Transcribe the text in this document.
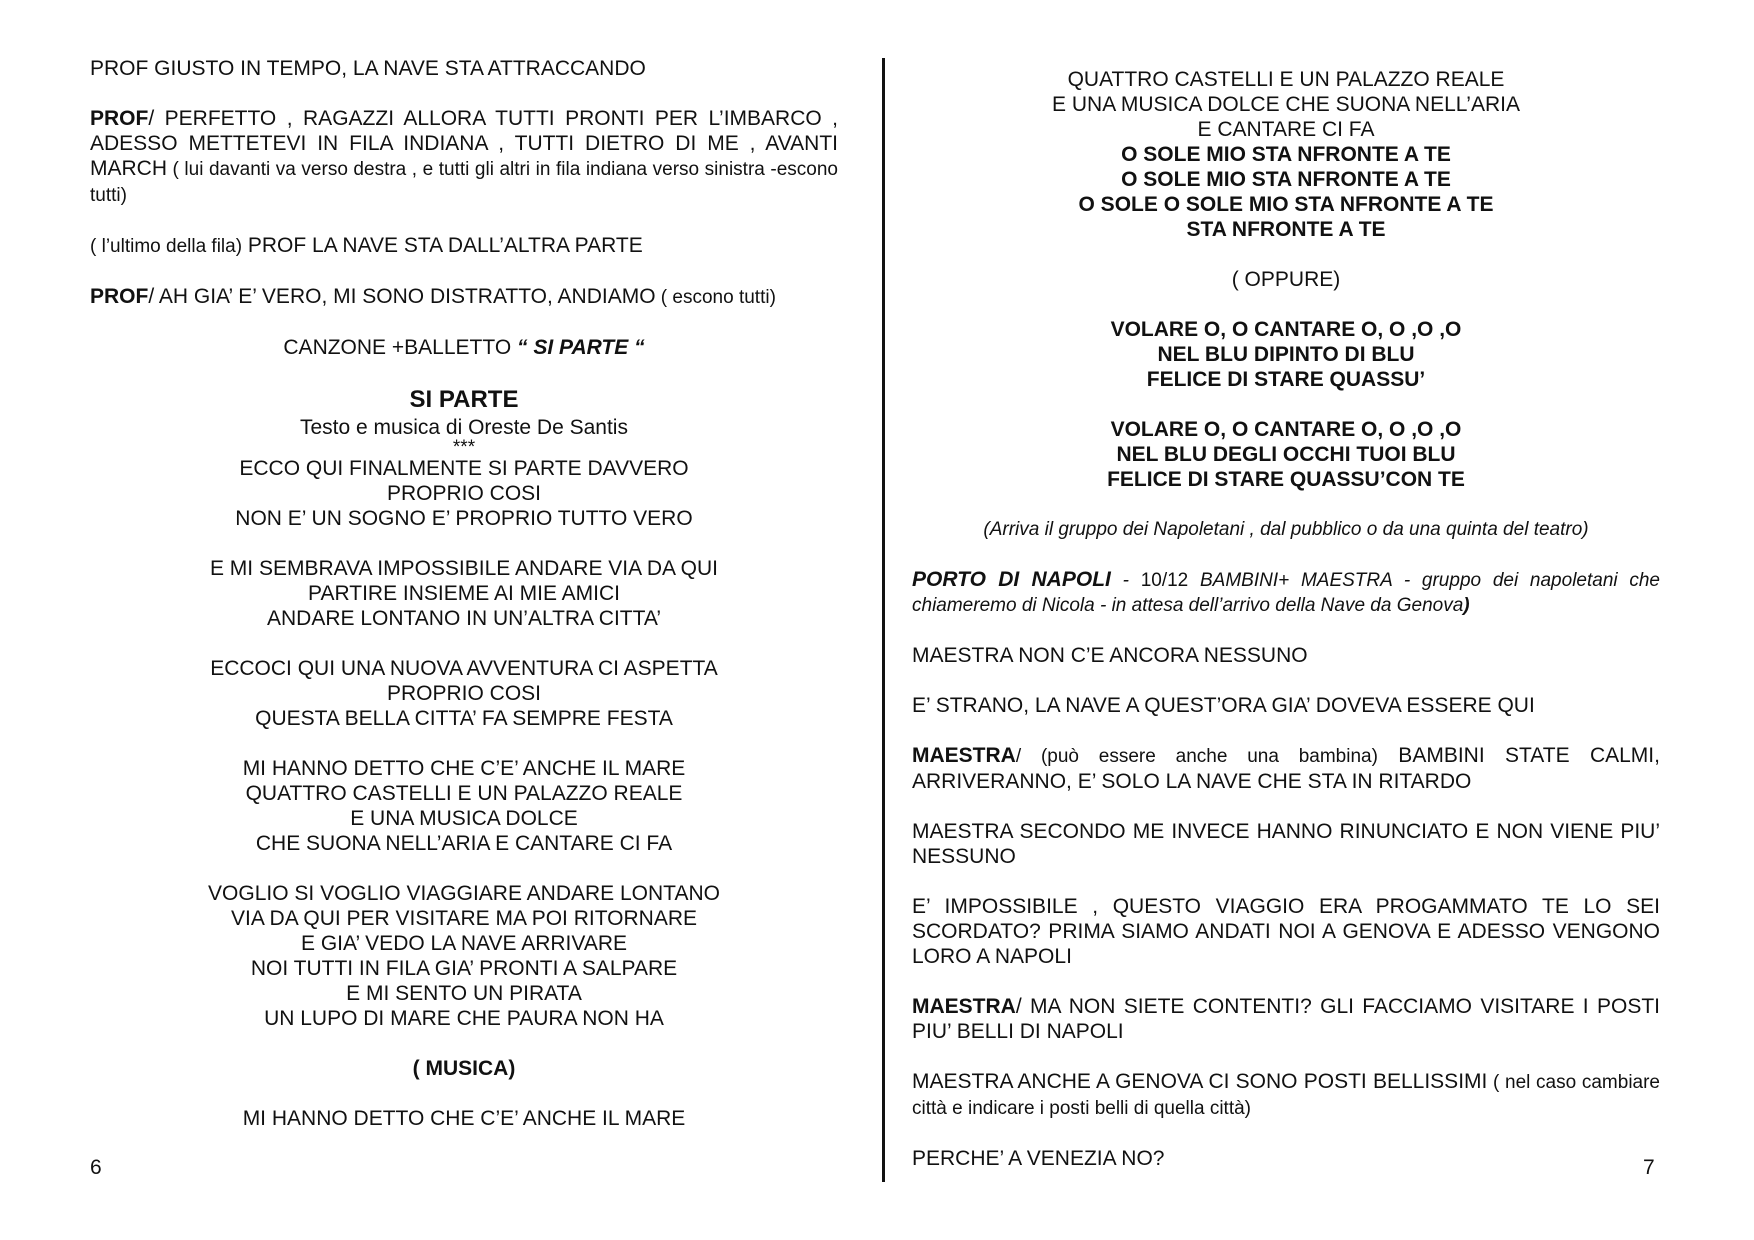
PROF GIUSTO IN TEMPO, LA NAVE STA ATTRACCANDO

PROF/ PERFETTO , RAGAZZI ALLORA TUTTI PRONTI PER L’IMBARCO , ADESSO METTETEVI IN FILA INDIANA , TUTTI DIETRO DI ME , AVANTI MARCH ( lui davanti va verso destra , e tutti gli altri in fila indiana verso sinistra -escono tutti)

( l’ultimo della fila) PROF LA NAVE STA DALL’ALTRA PARTE

PROF/ AH GIA’ E’ VERO, MI SONO DISTRATTO, ANDIAMO ( escono tutti)

CANZONE +BALLETTO “ SI PARTE “

SI PARTE

Testo e musica di Oreste De Santis

***

ECCO QUI FINALMENTE SI PARTE DAVVERO
PROPRIO COSI
NON E’ UN SOGNO E’ PROPRIO TUTTO VERO
E MI SEMBRAVA IMPOSSIBILE ANDARE VIA DA QUI
PARTIRE INSIEME AI MIE AMICI
ANDARE LONTANO IN UN’ALTRA CITTA’
ECCOCI QUI UNA NUOVA AVVENTURA CI ASPETTA
PROPRIO COSI
QUESTA BELLA CITTA’ FA SEMPRE FESTA
MI HANNO DETTO CHE C’E’ ANCHE IL MARE
QUATTRO CASTELLI E UN PALAZZO REALE
E UNA MUSICA DOLCE
CHE SUONA NELL’ARIA E CANTARE CI FA
VOGLIO SI VOGLIO VIAGGIARE ANDARE LONTANO
VIA DA QUI PER VISITARE MA POI RITORNARE
E GIA’ VEDO LA NAVE ARRIVARE
NOI TUTTI IN FILA GIA’ PRONTI A SALPARE
E MI SENTO UN PIRATA
UN LUPO DI MARE CHE PAURA NON HA

( MUSICA)

MI HANNO DETTO CHE C’E’ ANCHE IL MARE

6
QUATTRO CASTELLI E UN PALAZZO REALE
E UNA MUSICA DOLCE CHE SUONA NELL’ARIA
E CANTARE CI FA
O SOLE MIO STA NFRONTE A TE
O SOLE MIO STA NFRONTE A TE
O SOLE O SOLE MIO STA NFRONTE A TE
STA NFRONTE A TE

( OPPURE)

VOLARE O, O CANTARE O, O ,O ,O
NEL BLU DIPINTO DI BLU
FELICE DI STARE QUASSU’
VOLARE O, O CANTARE O, O ,O ,O
NEL BLU DEGLI OCCHI TUOI BLU
FELICE DI STARE QUASSU’CON TE

(Arriva il gruppo dei Napoletani , dal pubblico o da una quinta del teatro)

PORTO DI NAPOLI - 10/12 BAMBINI+ MAESTRA - gruppo dei napoletani che chiameremo di Nicola - in attesa dell’arrivo della Nave da Genova)

MAESTRA NON C’E ANCORA NESSUNO

E’ STRANO, LA NAVE A QUEST’ORA GIA’ DOVEVA ESSERE QUI

MAESTRA/ (può essere anche una bambina) BAMBINI STATE CALMI, ARRIVERANNO, E’ SOLO LA NAVE CHE STA IN RITARDO

MAESTRA SECONDO ME INVECE HANNO RINUNCIATO E NON VIENE PIU’ NESSUNO

E’ IMPOSSIBILE , QUESTO VIAGGIO ERA PROGAMMATO TE LO SEI SCORDATO? PRIMA SIAMO ANDATI NOI A GENOVA E ADESSO VENGONO LORO A NAPOLI

MAESTRA/ MA NON SIETE CONTENTI? GLI FACCIAMO VISITARE I POSTI PIU’ BELLI DI NAPOLI

MAESTRA ANCHE A GENOVA CI SONO POSTI BELLISSIMI ( nel caso cambiare città e indicare i posti belli di quella città)

PERCHE’ A VENEZIA NO?	7
